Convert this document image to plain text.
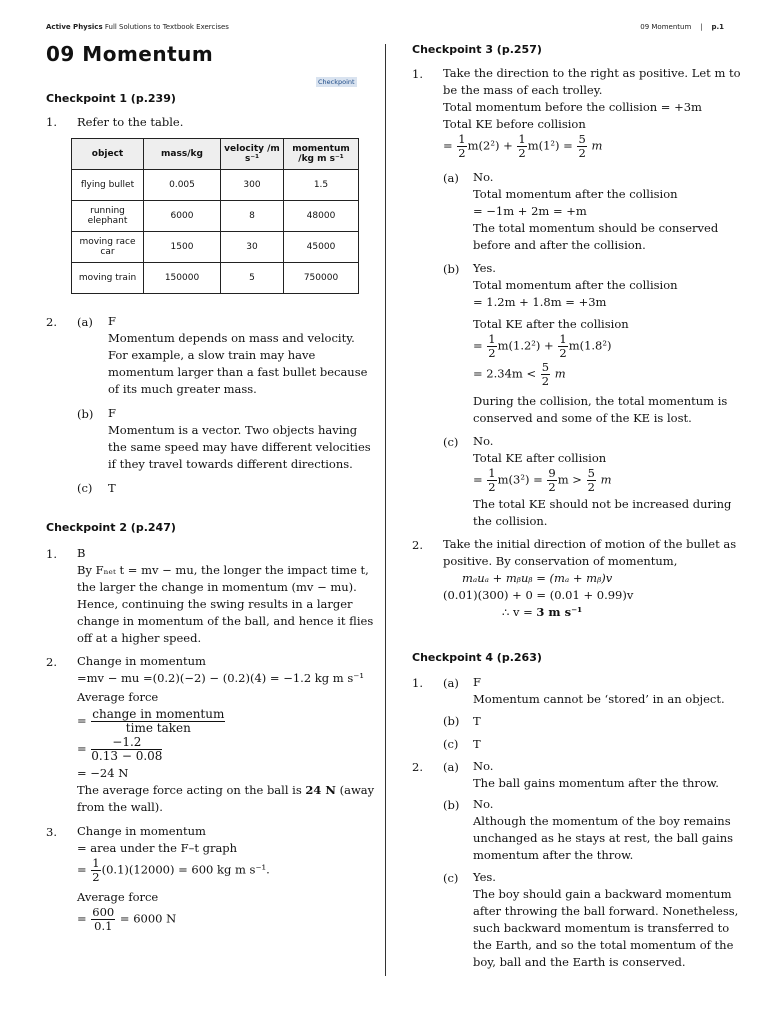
Active Physics Full Solutions to Textbook Exercises	09 Momentum | p.1
09 Momentum
Checkpoint
Checkpoint 1 (p.239)
1. Refer to the table.
object	mass/kg	velocity /m s⁻¹	momentum /kg m s⁻¹
flying bullet	0.005	300	1.5
running elephant	6000	8	48000
moving race car	1500	30	45000
moving train	150000	5	750000
2. (a) F
Momentum depends on mass and velocity.
For example, a slow train may have
momentum larger than a fast bullet because
of its much greater mass.
(b) F
Momentum is a vector. Two objects having
the same speed may have different velocities
if they travel towards different directions.
(c) T
Checkpoint 2 (p.247)
1. B
By Fₙₑₜ t = mv − mu, the longer the impact time t,
the larger the change in momentum (mv − mu).
Hence, continuing the swing results in a larger
change in momentum of the ball, and hence it flies
off at a higher speed.
2. Change in momentum
=mv − mu =(0.2)(−2) − (0.2)(4) = −1.2 kg m s⁻¹
Average force
= $\frac{\text{change in momentum}}{\text{time taken}}$
= $\frac{-1.2}{0.13 - 0.08}$
= −24 N
The average force acting on the ball is 24 N (away
from the wall).
3. Change in momentum
= area under the F–t graph
= $\frac{1}{2} (0.1)(12000) = 600$ kg m s⁻¹.
Average force
= $\frac{600}{0.1} = 6000$ N
Checkpoint 3 (p.257)
1. Take the direction to the right as positive. Let m to
be the mass of each trolley.
Total momentum before the collision = +3m
Total KE before collision
= $\frac{1}{2} m(2^2) + \frac{1}{2} m(1^2) = \frac{5}{2}$ m
(a) No.
Total momentum after the collision
= −1m + 2m = +m
The total momentum should be conserved
before and after the collision.
(b) Yes.
Total momentum after the collision
= 1.2m + 1.8m = +3m
Total KE after the collision
= $\frac{1}{2} m(1.2^2) + \frac{1}{2} m(1.8^2)$
= $2.34m < \frac{5}{2}$ m
During the collision, the total momentum is
conserved and some of the KE is lost.
(c) No.
Total KE after collision
= $\frac{1}{2} m(3^2) = \frac{9}{2}$ $m > \frac{5}{2}$ m
The total KE should not be increased during
the collision.
2. Take the initial direction of motion of the bullet as
positive. By conservation of momentum,
mₐuₐ + mᵦuᵦ = (mₐ + mᵦ)v
(0.01)(300) + 0 = (0.01 + 0.99)v
∴ v = 3 m s⁻¹
Checkpoint 4 (p.263)
1. (a) F
Momentum cannot be ‘stored’ in an object.
(b) T
(c) T
2. (a) No.
The ball gains momentum after the throw.
(b) No.
Although the momentum of the boy remains
unchanged as he stays at rest, the ball gains
momentum after the throw.
(c) Yes.
The boy should gain a backward momentum
after throwing the ball forward. Nonetheless,
such backward momentum is transferred to
the Earth, and so the total momentum of the
boy, ball and the Earth is conserved.
